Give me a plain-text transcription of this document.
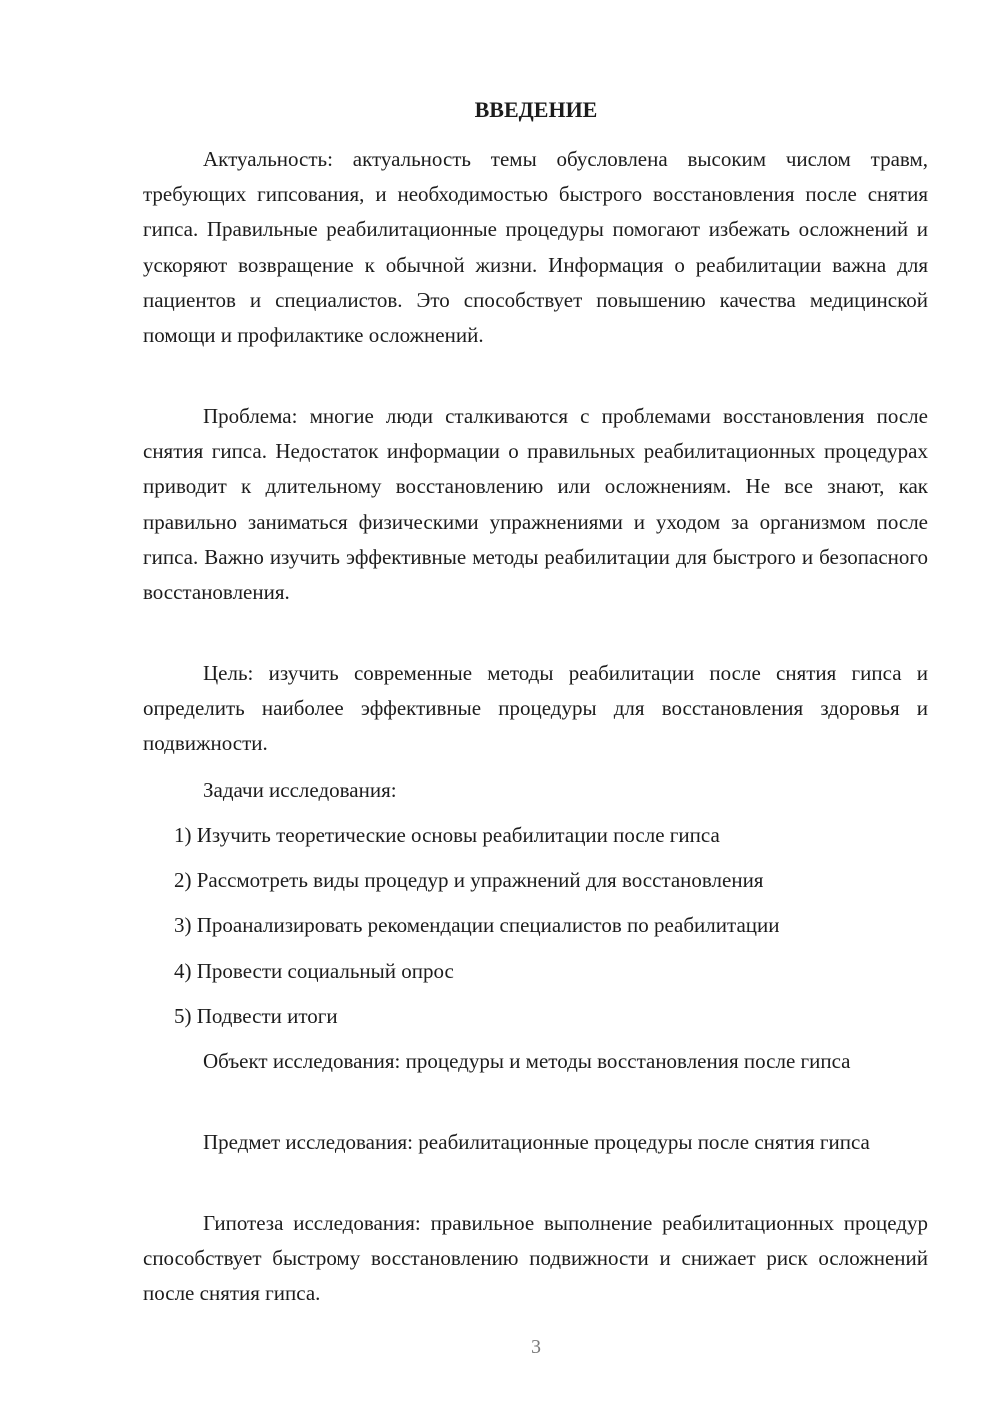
ВВЕДЕНИЕ

Актуальность: актуальность темы обусловлена высоким числом травм, требующих гипсования, и необходимостью быстрого восстановления после снятия гипса. Правильные реабилитационные процедуры помогают избежать осложнений и ускоряют возвращение к обычной жизни. Информация о реабилитации важна для пациентов и специалистов. Это способствует повышению качества медицинской помощи и профилактике осложнений.

Проблема: многие люди сталкиваются с проблемами восстановления после снятия гипса. Недостаток информации о правильных реабилитационных процедурах приводит к длительному восстановлению или осложнениям. Не все знают, как правильно заниматься физическими упражнениями и уходом за организмом после гипса. Важно изучить эффективные методы реабилитации для быстрого и безопасного восстановления.

Цель: изучить современные методы реабилитации после снятия гипса и определить наиболее эффективные процедуры для восстановления здоровья и подвижности.

Задачи исследования:

1) Изучить теоретические основы реабилитации после гипса

2) Рассмотреть виды процедур и упражнений для восстановления

3) Проанализировать рекомендации специалистов по реабилитации

4) Провести социальный опрос

5) Подвести итоги

Объект исследования: процедуры и методы восстановления после гипса

Предмет исследования: реабилитационные процедуры после снятия гипса

Гипотеза исследования: правильное выполнение реабилитационных процедур способствует быстрому восстановлению подвижности и снижает риск осложнений после снятия гипса.

3
